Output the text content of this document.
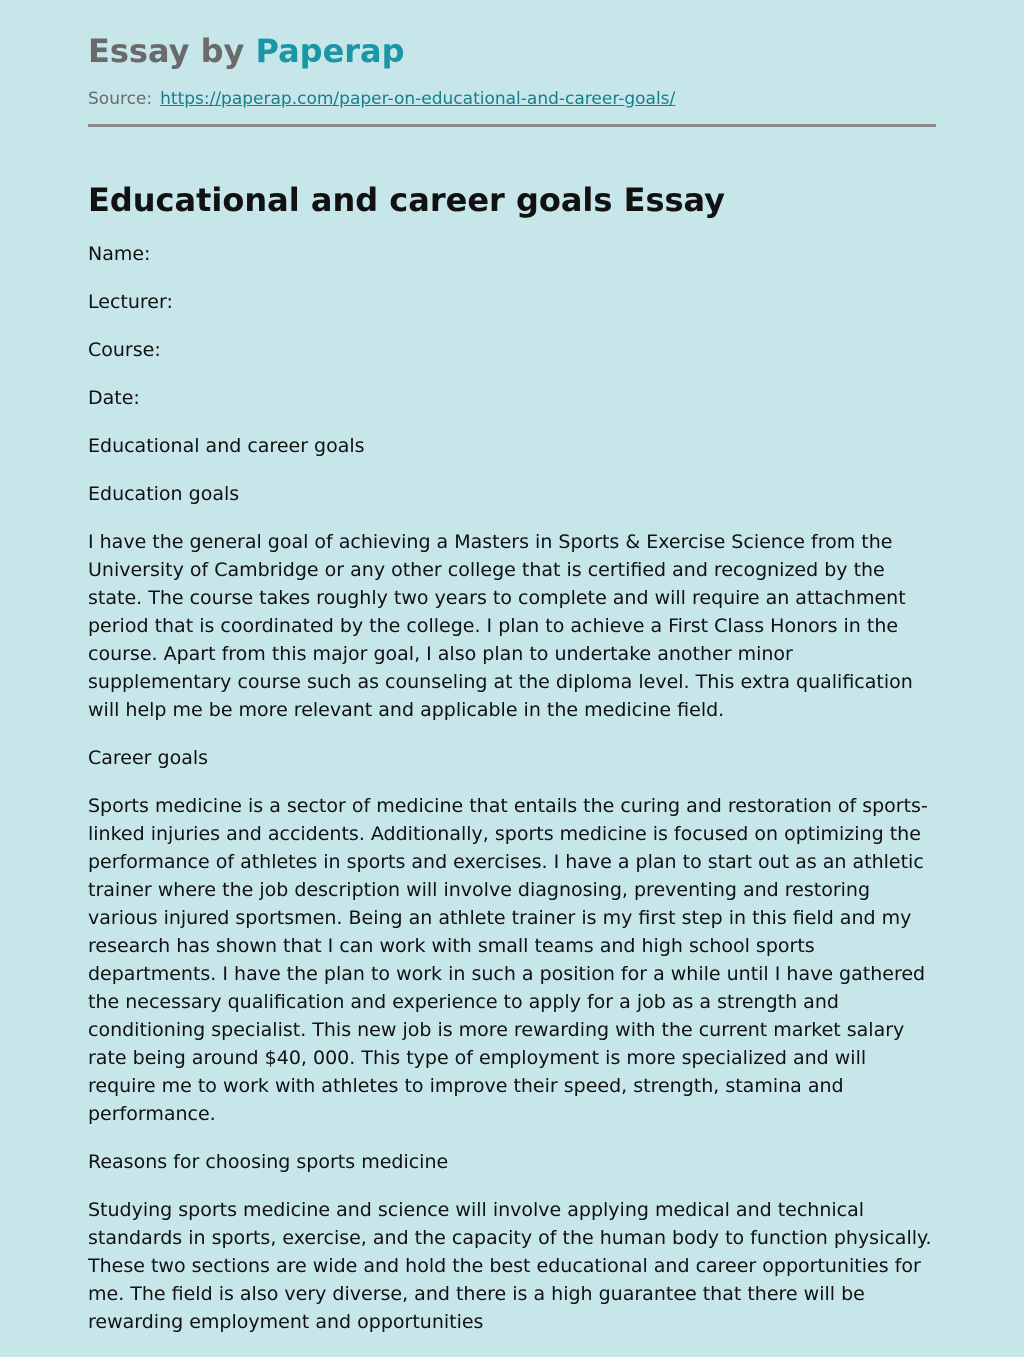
Essay by Paperap
Source: https://paperap.com/paper-on-educational-and-career-goals/
Educational and career goals Essay

Name:

Lecturer:

Course:

Date:

Educational and career goals

Education goals

I have the general goal of achieving a Masters in Sports & Exercise Science from the University of Cambridge or any other college that is certified and recognized by the state. The course takes roughly two years to complete and will require an attachment period that is coordinated by the college. I plan to achieve a First Class Honors in the course. Apart from this major goal, I also plan to undertake another minor supplementary course such as counseling at the diploma level. This extra qualification will help me be more relevant and applicable in the medicine field.

Career goals

Sports medicine is a sector of medicine that entails the curing and restoration of sports-linked injuries and accidents. Additionally, sports medicine is focused on optimizing the performance of athletes in sports and exercises. I have a plan to start out as an athletic trainer where the job description will involve diagnosing, preventing and restoring various injured sportsmen. Being an athlete trainer is my first step in this field and my research has shown that I can work with small teams and high school sports departments. I have the plan to work in such a position for a while until I have gathered the necessary qualification and experience to apply for a job as a strength and conditioning specialist. This new job is more rewarding with the current market salary rate being around $40, 000. This type of employment is more specialized and will require me to work with athletes to improve their speed, strength, stamina and performance.

Reasons for choosing sports medicine

Studying sports medicine and science will involve applying medical and technical standards in sports, exercise, and the capacity of the human body to function physically. These two sections are wide and hold the best educational and career opportunities for me. The field is also very diverse, and there is a high guarantee that there will be rewarding employment and opportunities
